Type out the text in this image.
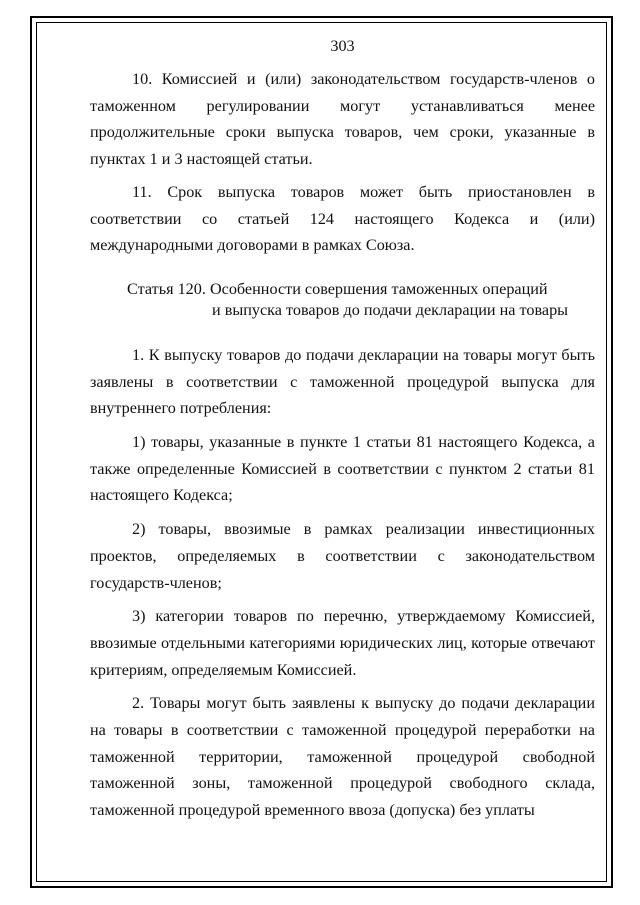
303

10. Комиссией и (или) законодательством государств-членов о таможенном регулировании могут устанавливаться менее продолжительные сроки выпуска товаров, чем сроки, указанные в пунктах 1 и 3 настоящей статьи.

11. Срок выпуска товаров может быть приостановлен в соответствии со статьей 124 настоящего Кодекса и (или) международными договорами в рамках Союза.

Статья 120. Особенности совершения таможенных операций
и выпуска товаров до подачи декларации на товары

1. К выпуску товаров до подачи декларации на товары могут быть заявлены в соответствии с таможенной процедурой выпуска для внутреннего потребления:

1) товары, указанные в пункте 1 статьи 81 настоящего Кодекса, а также определенные Комиссией в соответствии с пунктом 2 статьи 81 настоящего Кодекса;

2) товары, ввозимые в рамках реализации инвестиционных проектов, определяемых в соответствии с законодательством государств-членов;

3) категории товаров по перечню, утверждаемому Комиссией, ввозимые отдельными категориями юридических лиц, которые отвечают критериям, определяемым Комиссией.

2. Товары могут быть заявлены к выпуску до подачи декларации на товары в соответствии с таможенной процедурой переработки на таможенной территории, таможенной процедурой свободной таможенной зоны, таможенной процедурой свободного склада, таможенной процедурой временного ввоза (допуска) без уплаты
